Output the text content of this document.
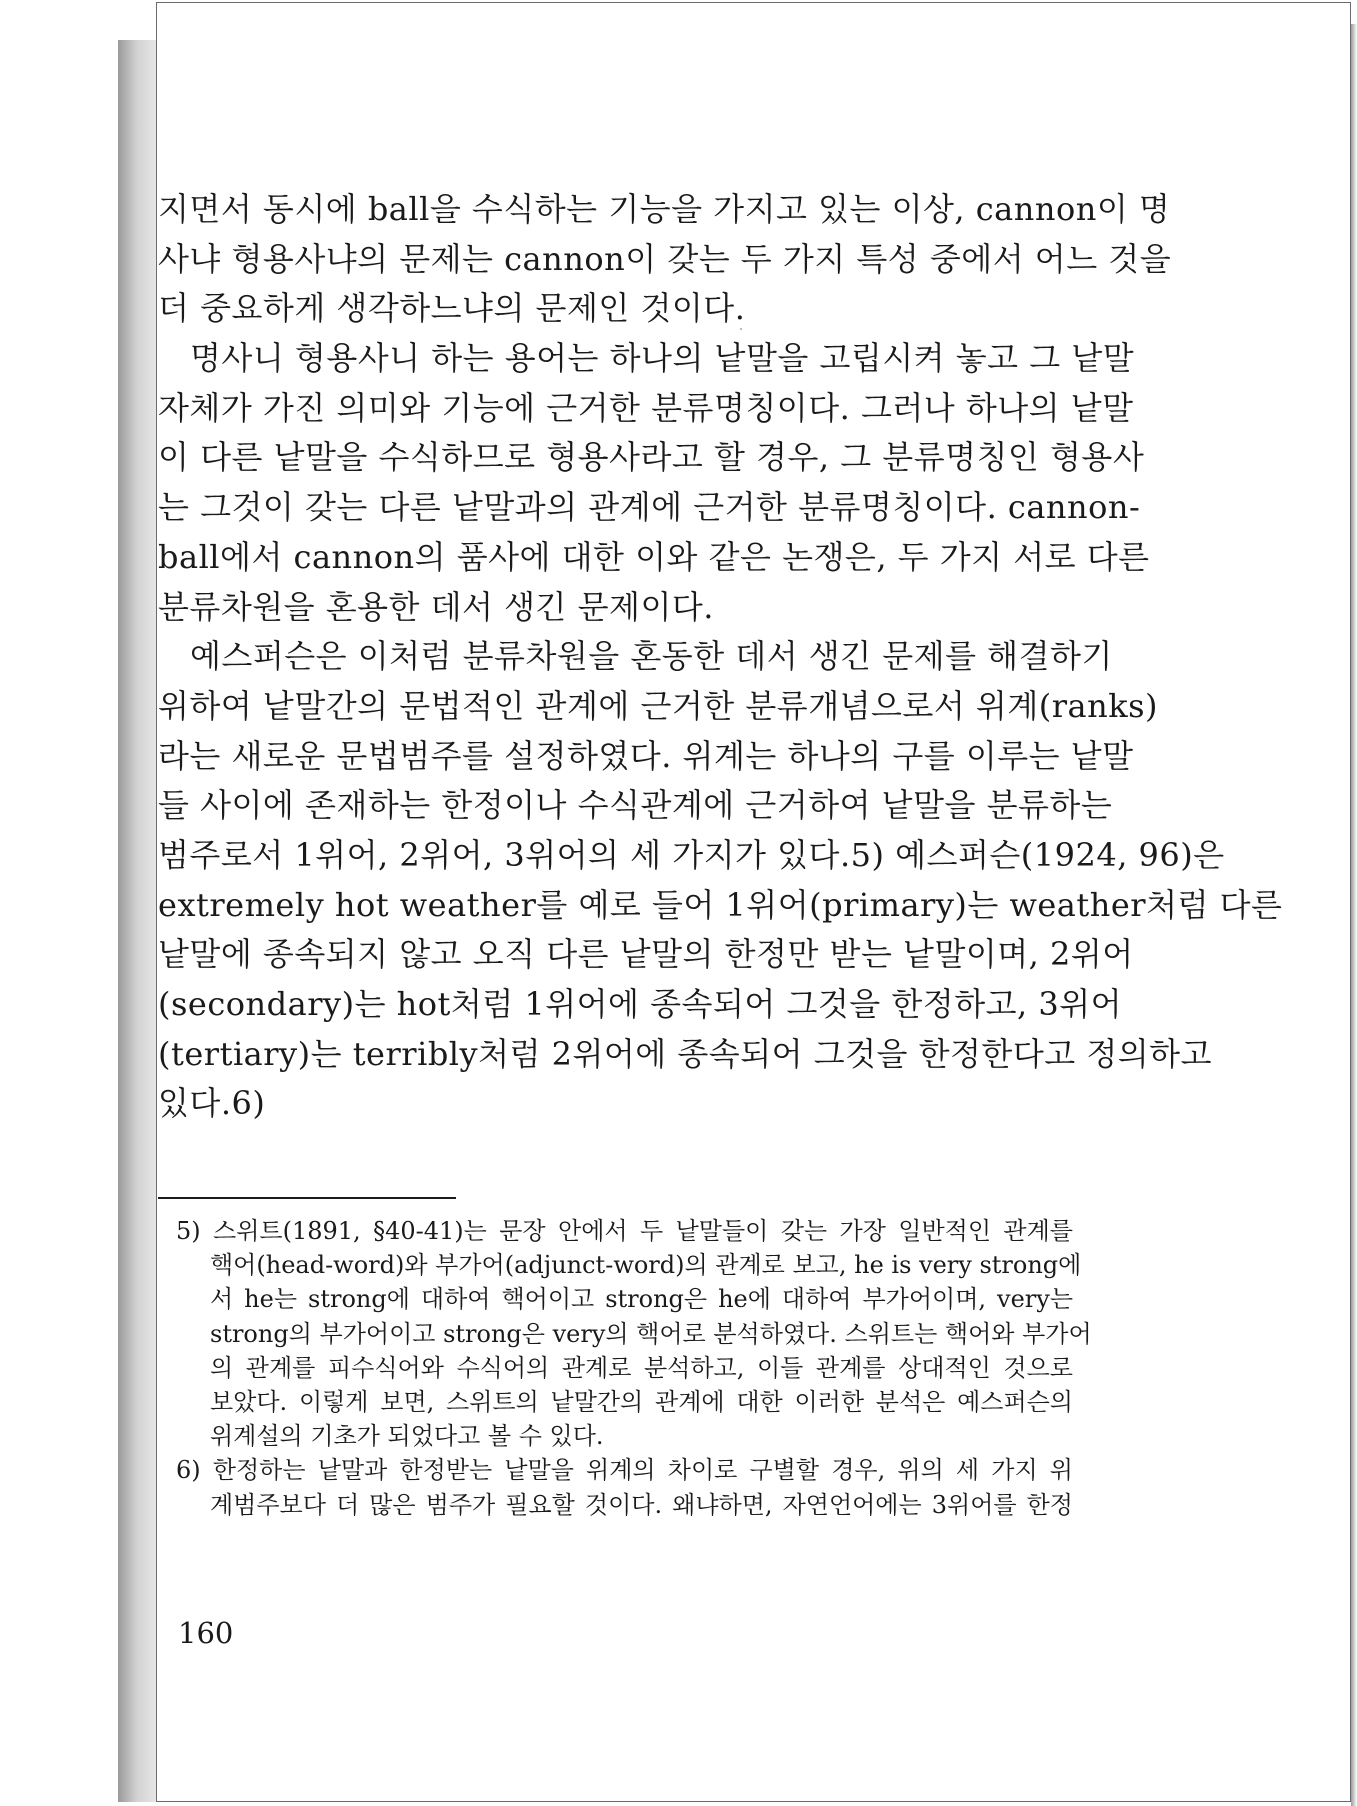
지면서 동시에 ball을 수식하는 기능을 가지고 있는 이상, cannon이 명
사냐 형용사냐의 문제는 cannon이 갖는 두 가지 특성 중에서 어느 것을
더 중요하게 생각하느냐의 문제인 것이다.
명사니 형용사니 하는 용어는 하나의 낱말을 고립시켜 놓고 그 낱말
자체가 가진 의미와 기능에 근거한 분류명칭이다. 그러나 하나의 낱말
이 다른 낱말을 수식하므로 형용사라고 할 경우, 그 분류명칭인 형용사
는 그것이 갖는 다른 낱말과의 관계에 근거한 분류명칭이다. cannon-
ball에서 cannon의 품사에 대한 이와 같은 논쟁은, 두 가지 서로 다른
분류차원을 혼용한 데서 생긴 문제이다.
예스퍼슨은 이처럼 분류차원을 혼동한 데서 생긴 문제를 해결하기
위하여 낱말간의 문법적인 관계에 근거한 분류개념으로서 위계(ranks)
라는 새로운 문법범주를 설정하였다. 위계는 하나의 구를 이루는 낱말
들 사이에 존재하는 한정이나 수식관계에 근거하여 낱말을 분류하는
범주로서 1위어, 2위어, 3위어의 세 가지가 있다.5) 예스퍼슨(1924, 96)은
extremely hot weather를 예로 들어 1위어(primary)는 weather처럼 다른
낱말에 종속되지 않고 오직 다른 낱말의 한정만 받는 낱말이며, 2위어
(secondary)는 hot처럼 1위어에 종속되어 그것을 한정하고, 3위어
(tertiary)는 terribly처럼 2위어에 종속되어 그것을 한정한다고 정의하고
있다.6)
5) 스위트(1891, §40-41)는 문장 안에서 두 낱말들이 갖는 가장 일반적인 관계를
핵어(head-word)와 부가어(adjunct-word)의 관계로 보고, he is very strong에
서 he는 strong에 대하여 핵어이고 strong은 he에 대하여 부가어이며, very는
strong의 부가어이고 strong은 very의 핵어로 분석하였다. 스위트는 핵어와 부가어
의 관계를 피수식어와 수식어의 관계로 분석하고, 이들 관계를 상대적인 것으로
보았다. 이렇게 보면, 스위트의 낱말간의 관계에 대한 이러한 분석은 예스퍼슨의
위계설의 기초가 되었다고 볼 수 있다.
6) 한정하는 낱말과 한정받는 낱말을 위계의 차이로 구별할 경우, 위의 세 가지 위
계범주보다 더 많은 범주가 필요할 것이다. 왜냐하면, 자연언어에는 3위어를 한정
160
